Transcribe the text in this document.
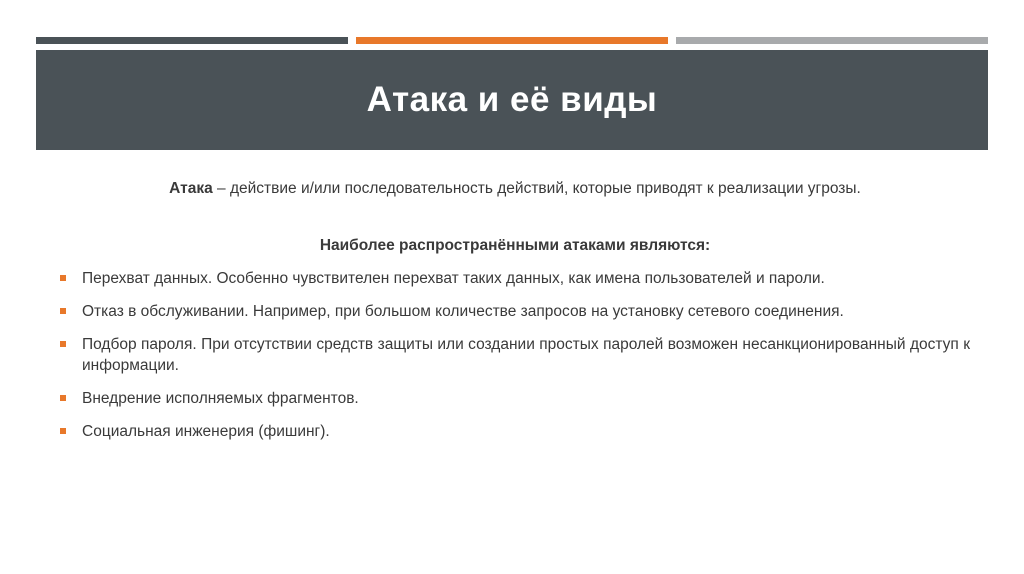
Атака и её виды

Атака – действие и/или последовательность действий, которые приводят к реализации угрозы.

Наиболее распространёнными атаками являются:

Перехват данных. Особенно чувствителен перехват таких данных, как имена пользователей и пароли.
Отказ в обслуживании. Например, при большом количестве запросов на установку сетевого соединения.
Подбор пароля. При отсутствии средств защиты или создании простых паролей возможен несанкционированный доступ к информации.
Внедрение исполняемых фрагментов.
Социальная инженерия (фишинг).
